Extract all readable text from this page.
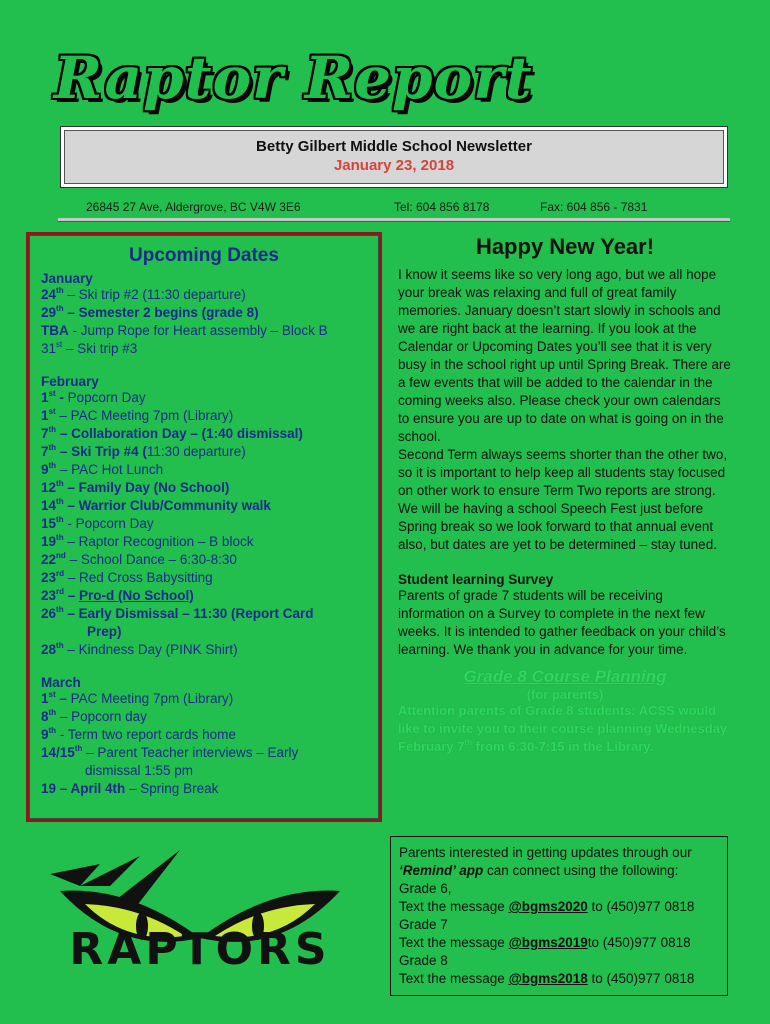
Raptor Report
Betty Gilbert Middle School Newsletter
January 23, 2018
26845 27 Ave, Aldergrove, BC V4W 3E6	Tel: 604 856 8178	Fax: 604 856 - 7831
Upcoming Dates
January
24th – Ski trip #2 (11:30 departure)
29th – Semester 2 begins (grade 8)
TBA - Jump Rope for Heart assembly – Block B
31st – Ski trip #3
February
1st - Popcorn Day
1st – PAC Meeting 7pm (Library)
7th – Collaboration Day – (1:40 dismissal)
7th – Ski Trip #4 (11:30 departure)
9th – PAC Hot Lunch
12th – Family Day (No School)
14th – Warrior Club/Community walk
15th - Popcorn Day
19th – Raptor Recognition – B block
22nd – School Dance – 6:30-8:30
23rd – Red Cross Babysitting
23rd – Pro-d (No School)
26th – Early Dismissal – 11:30 (Report Card
Prep)
28th – Kindness Day (PINK Shirt)
March
1st – PAC Meeting 7pm (Library)
8th – Popcorn day
9th - Term two report cards home
14/15th – Parent Teacher interviews – Early
dismissal 1:55 pm
19 – April 4th – Spring Break
Happy New Year!
I know it seems like so very long ago, but we all hope your break was relaxing and full of great family memories. January doesn’t start slowly in schools and we are right back at the learning. If you look at the Calendar or Upcoming Dates you’ll see that it is very busy in the school right up until Spring Break. There are a few events that will be added to the calendar in the coming weeks also. Please check your own calendars to ensure you are up to date on what is going on in the school.
Second Term always seems shorter than the other two, so it is important to help keep all students stay focused on other work to ensure Term Two reports are strong. We will be having a school Speech Fest just before Spring break so we look forward to that annual event also, but dates are yet to be determined – stay tuned.
Student learning Survey
Parents of grade 7 students will be receiving information on a Survey to complete in the next few weeks. It is intended to gather feedback on your child’s learning. We thank you in advance for your time.
Grade 8 Course Planning
(for parents)
Attention parents of Grade 8 students: ACSS would like to invite you to their course planning Wednesday February 7th from 6:30-7:15 in the Library.
Parents interested in getting updates through our ‘Remind’ app can connect using the following:
Grade 6,
Text the message @bgms2020 to (450)977 0818
Grade 7
Text the message @bgms2019to (450)977 0818
Grade 8
Text the message @bgms2018 to (450)977 0818
RAPTORS
